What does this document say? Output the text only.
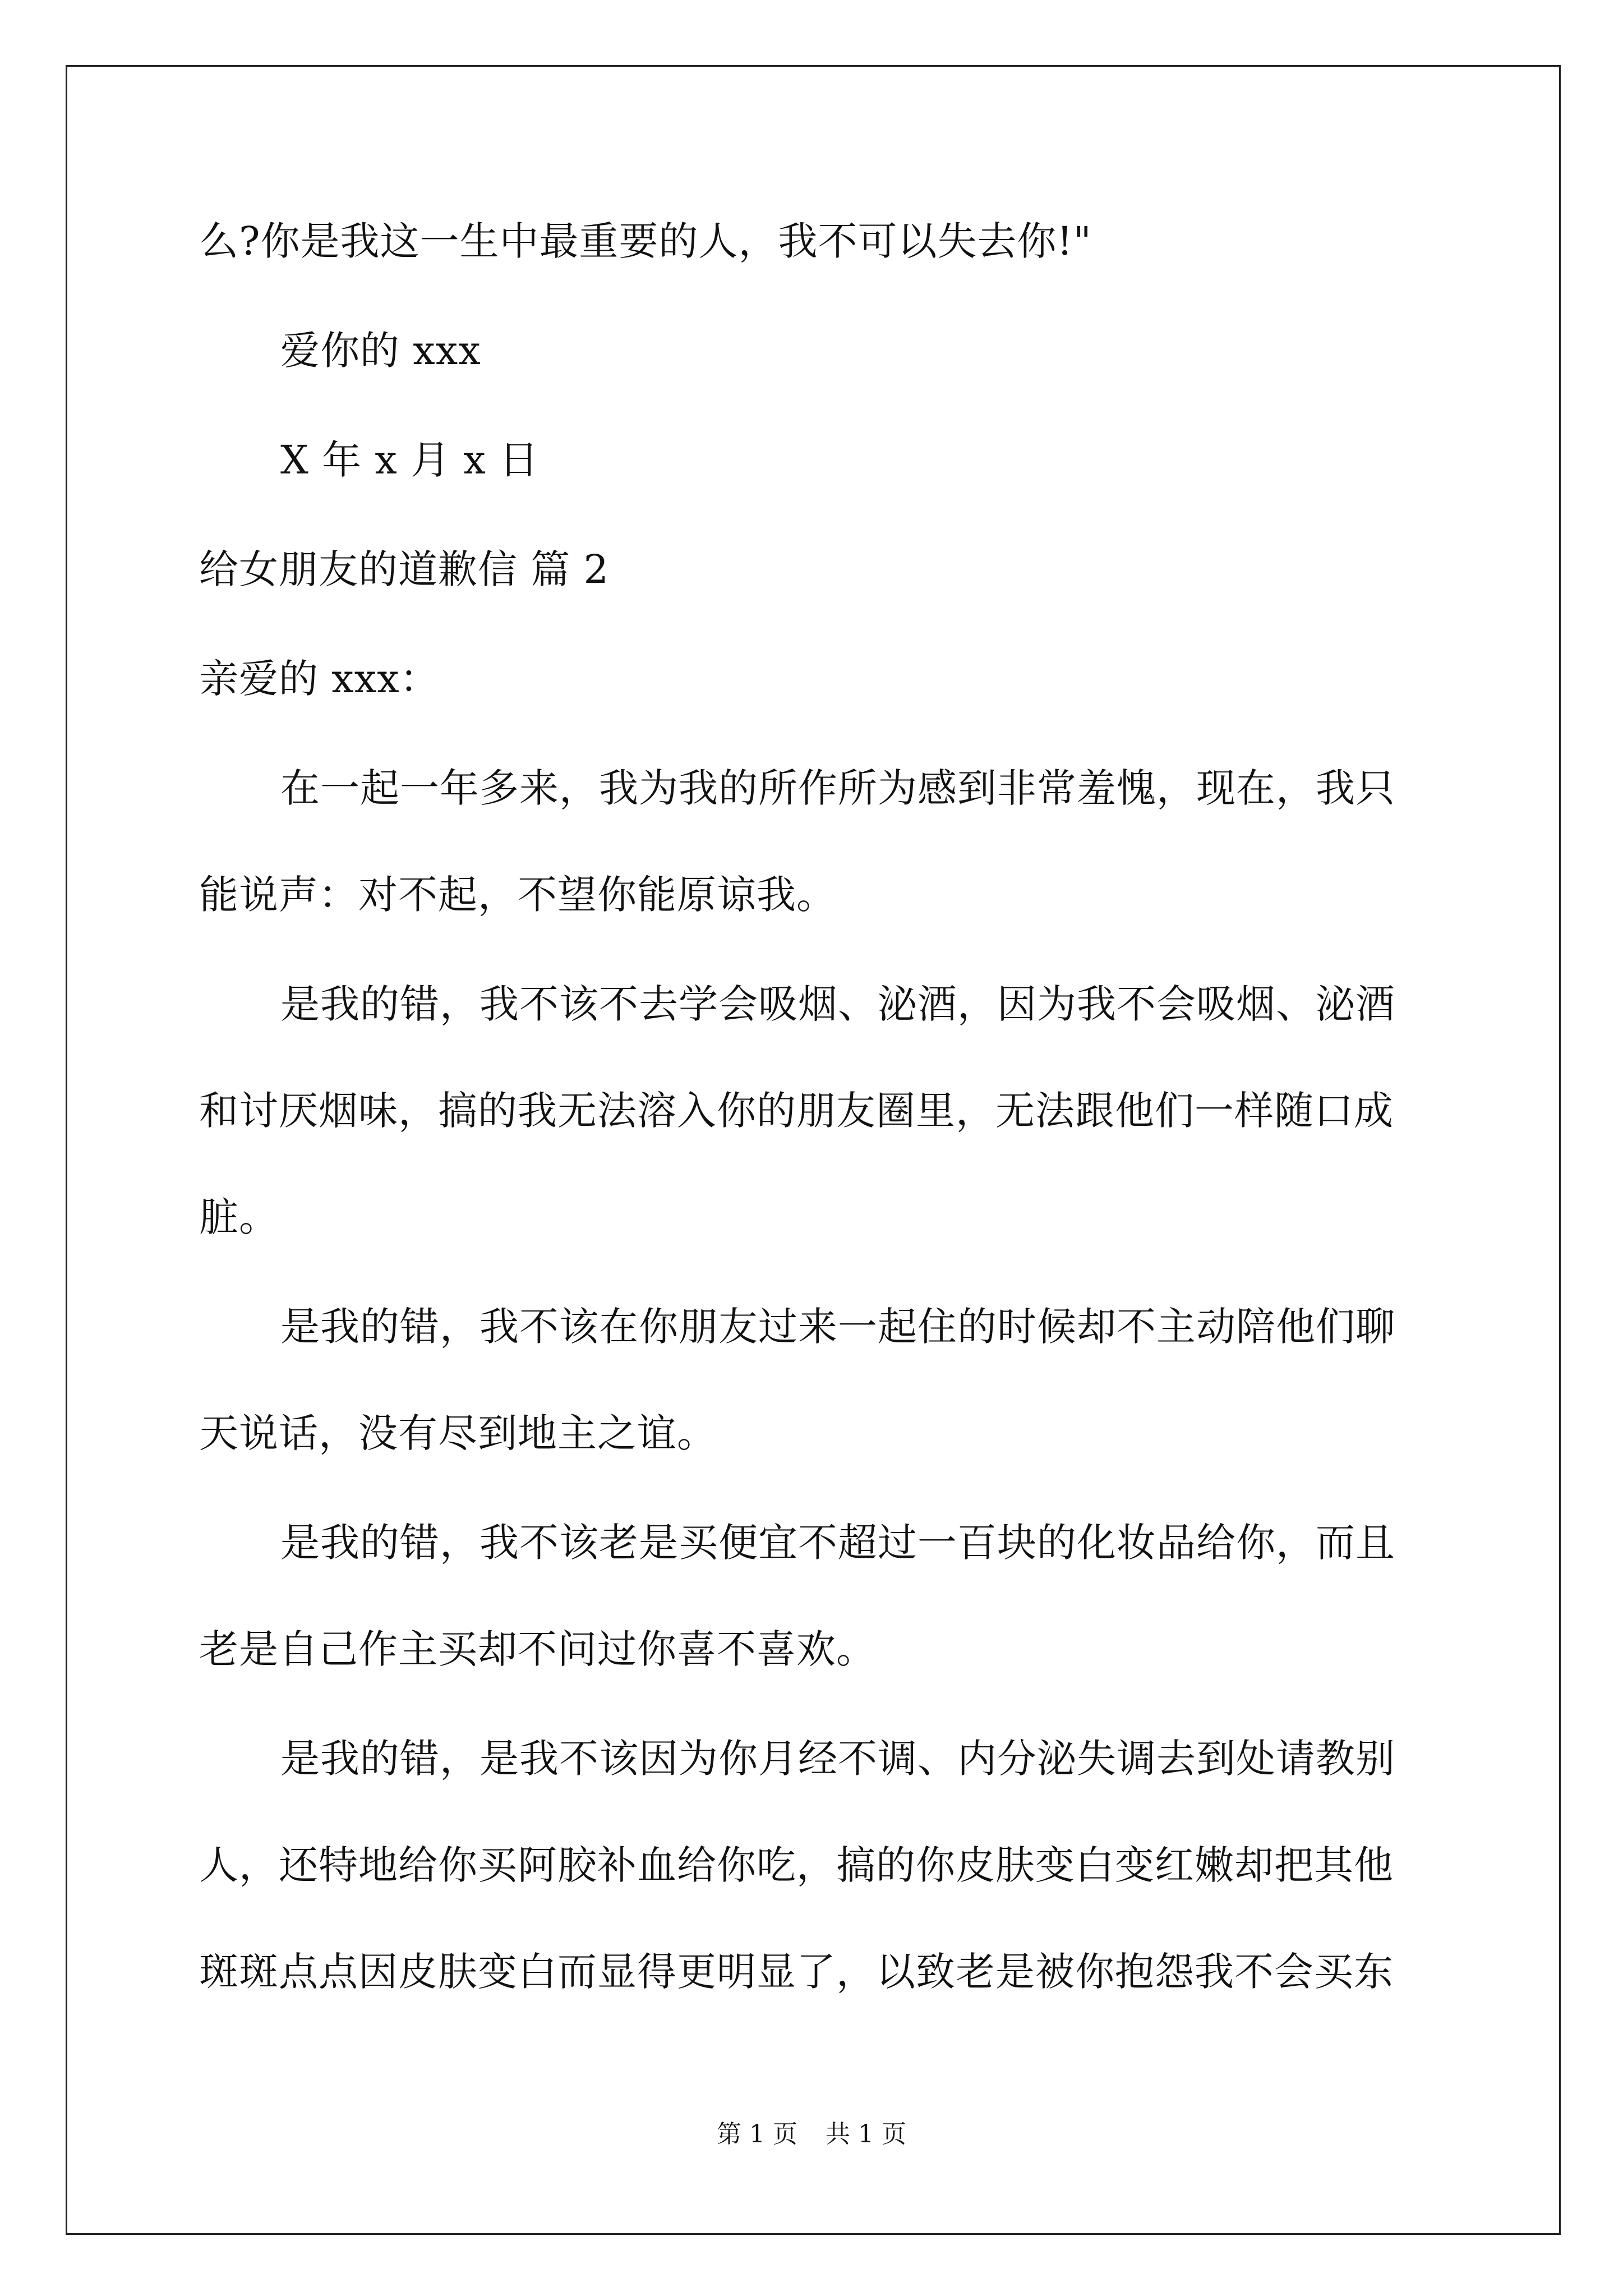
么?你是我这一生中最重要的人，我不可以失去你!"
爱你的 xxx
X 年 x 月 x 日
给女朋友的道歉信 篇 2
亲爱的 xxx：
在一起一年多来，我为我的所作所为感到非常羞愧，现在，我只
能说声：对不起，不望你能原谅我。
是我的错，我不该不去学会吸烟、泌酒，因为我不会吸烟、泌酒
和讨厌烟味，搞的我无法溶入你的朋友圈里，无法跟他们一样随口成
脏。
是我的错，我不该在你朋友过来一起住的时候却不主动陪他们聊
天说话，没有尽到地主之谊。
是我的错，我不该老是买便宜不超过一百块的化妆品给你，而且
老是自己作主买却不问过你喜不喜欢。
是我的错，是我不该因为你月经不调、内分泌失调去到处请教别
人，还特地给你买阿胶补血给你吃，搞的你皮肤变白变红嫩却把其他
斑斑点点因皮肤变白而显得更明显了，以致老是被你抱怨我不会买东
第 1 页 共 1 页
